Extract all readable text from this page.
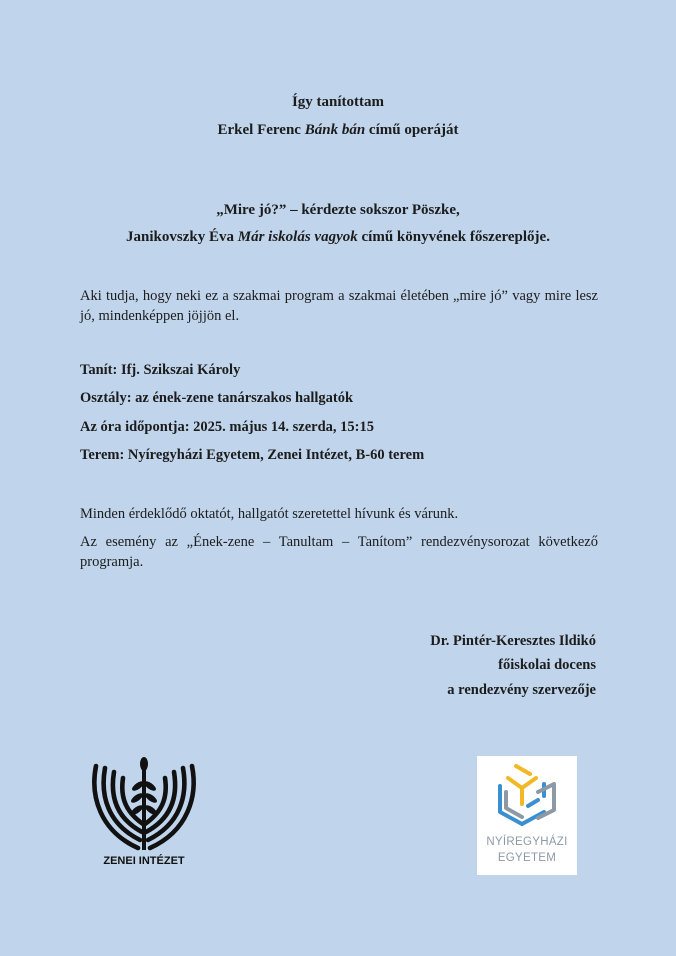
Így tanítottam
Erkel Ferenc Bánk bán című operáját
„Mire jó?” – kérdezte sokszor Pöszke,
Janikovszky Éva Már iskolás vagyok című könyvének főszereplője.
Aki tudja, hogy neki ez a szakmai program a szakmai életében „mire jó” vagy mire lesz jó, mindenképpen jöjjön el.
Tanít: Ifj. Szikszai Károly
Osztály: az ének-zene tanárszakos hallgatók
Az óra időpontja: 2025. május 14. szerda, 15:15
Terem: Nyíregyházi Egyetem, Zenei Intézet, B-60 terem
Minden érdeklődő oktatót, hallgatót szeretettel hívunk és várunk.
Az esemény az „Ének-zene – Tanultam – Tanítom” rendezvénysorozat következő programja.
Dr. Pintér-Keresztes Ildikó
főiskolai docens
a rendezvény szervezője
ZENEI INTÉZET
NYÍREGYHÁZI
EGYETEM
